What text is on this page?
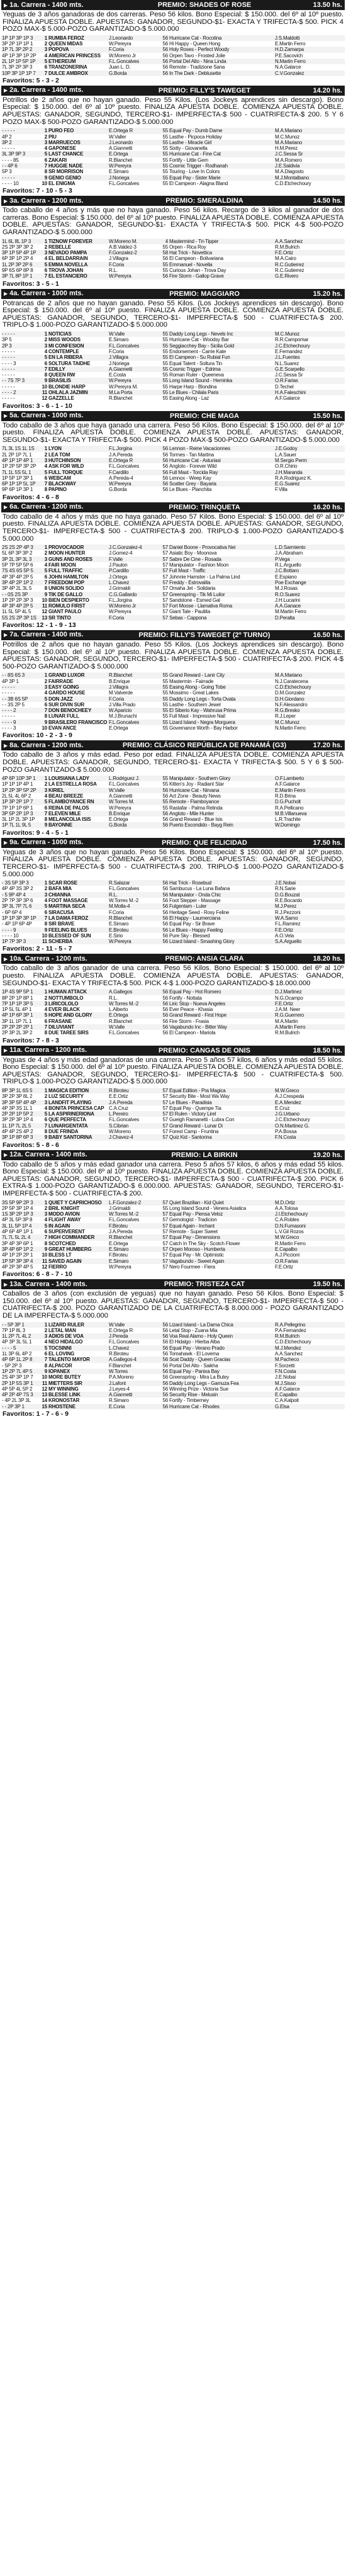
▶ 1a. Carrera - 1400 mts.	PREMIO: SHADES OF ROSE	13.50 hs.

Yeguas de 3 años ganadoras de dos carreras. Peso 56 kilos. Bono Especial: $ 150.000. del 6º al 10º puesto. FINALIZA APUESTA DOBLE. APUESTAS: GANADOR, SEGUNDO-$1- EXACTA Y TRIFECTA-$ 500. PICK 4 POZO MAX-$ 5.000-POZO GARANTIZADO-$ 5.000.000

1P 1P 3P 1P 3	1	RUMBA FEROZ	J.Leonardo	56	Hurricane Cat - Rocotina	J.S.Maldotti
3P 2P 1P 1P 1	2	QUEEN MIDAS	W.Pereyra	56	Hi Happy - Queen Hong	E.Martin Ferro
1P 7L 3P 2P 2	3	POPOVA	F.Coria	56	Holy Roses - Perfect Woody	H.D.Zamarpa
4P 1P 3P 1P 2P	4	AMERICAN PRINCESS	W.Moreno Jr	56	Orpen Tavo - Frosted Jolie	P.E.Sacovich
2L 1P 1P 5P 1P	5	ETHEREUM	F.L.Goncalves	56	Portal Del Alto - Nina Linda	N.Martin Ferro
7L 3P 2P 3P 3	6	TRANZONERINA	Juan L. D.	56	Remote - Tradizione Sana	N.A.Galarce
10P 3P 1P 1P 7	7	DULCE AMBROX	G.Borda	56	In The Dark - Deblusette	C.V.Gonzalez
Favoritos: 5 - 3 - 2
▶ 2a. Carrera - 1400 mts.	PREMIO: FILLY'S TAWEGET	14.20 hs.

Potrillos de 2 años que no hayan ganado. Peso 55 Kilos. (Los Jockeys aprendices sin descargo). Bono Especial: $ 150.000. del 6º al 10º puesto. FINALIZA APUESTA DOBLE. COMIENZA APUESTA DOBLE. APUESTAS: GANADOR, SEGUNDO, TERCERO-$1- IMPERFECTA-$ 500 - CUATRIFECTA-$ 200. 5 Y 6 POZO MAX-$ 500-POZO GARANTIZADO-$ 5.000.000

- - - - -	1	PURO FEO	E.Ortega R	55	Equal Pay - Dumb Dame	M.A.Mariano
4P 2	2	PIU	W.Valler	55	Lasthe - Picpoca Holiday	M.C.Munoz
3P 2	3	MARRUECOS	J.Leonardo	55	Lasthe - Miracle Girl	M.A.Mariano
- - - - -	4	GAPONESE	A.Giannetti	55	Sixtty - Giovanella	H.M.Perez
3L 3P 9P 3	5	LAST CHANCE	E.Ortega	55	Hurricane Cat - Fine Cat	J.C.Sessa Sr
- - - - 85	6	ZAKARI	R.Blanchet	55	Fortify - Little Gem	M.A.Romero
- - 4P 6	7	HUGGIE NADE	W.Pereyra	55	Cosmic Trigger - Rodhanah	J.E.Saldivia
5P 3	8	SR MORRISON	E.Simaro	55	Touring - Love In Colors	M.A.Diagosto
- - - - -	9	GENIO GENIO	J.Noriega	55	Equal Pay - Sister Marie	M.J.Montalbano
- - - - 10	10	EL ENIGMA	F.L.Goncalves	55	El Campeon - Alagna Bland	C.D.Etchechoury
Favoritos: 7 - 10 - 5 - 3
▶ 3a. Carrera - 1200 mts.	PREMIO: SMERALDINA	14.50 hs.

Todo caballo de 4 años y más que no haya ganado. Peso 56 kilos. Recargo de 3 kilos al ganador de dos carreras. Bono Especial: $ 150.000. del 6º al 10º puesto. FINALIZA APUESTA DOBLE. COMIENZA APUESTA DOBLE. APUESTAS: GANADOR, SEGUNDO-$1- EXACTA Y TRIFECTA-$ 500. PICK 4-$ 500-POZO GARANTIZADO-$ 5.000.000

1L 6L 8L 1P 3	1	TIZNOW FOREVER	W.Moreno M.	4	Mastermind - Tri-Tipper	A.A.Sanchez
2S 2P 3P 3P 2	2	REBELLE	A.B.Valdez-3	55	Orpen - Rica Roy	R.M.Bulrich
3P 1P 5P 4P 1P	3	NEVADO PAMPA	F.Gonzalez-2	58	Hat Trick - Novettica	F.E.Ortiz
6P 3P 1P 2P 4	4	EL BELDARRAIN	J.Villagra	56	El Campeon - Bolivariana	M.A.Cairo
1L 2P 3P 2P 6	5	EMMA NOVELLA	F.Coria	55	Emmanuel - Novella	R.C.Gutierrez
9P 6S 6P 8P 8	6	TROVA JOHAN	R.L.	55	Curious Johan - Trova Day	R.C.Gutierrez
3P 7L 8P 1P 1	7	EL ESTANCIERO	W.Pereyra	56	Fire Storm - Gallop Grave	G.E.Rivero
Favoritos: 3 - 5 - 1
▶ 4a. Carrera - 1000 mts.	PREMIO: MAGGIARO	15.20 hs.

Potrancas de 2 años que no hayan ganado. Peso 55 Kilos. (Los Jockeys aprendices sin descargo). Bono Especial: $ 150.000. del 6º al 10º puesto. FINALIZA APUESTA DOBLE. COMIENZA APUESTA DOBLE. APUESTAS: GANADOR, SEGUNDO, TERCERO-$1- IMPERFECTA-$ 500 - CUATRIFECTA-$ 200. TRIPLO-$ 1.000-POZO GARANTIZADO-$ 5.000.000

- - - - -	1	NOTICIAS	W.Valle	55	Daddy Long Legs - Nevels Inc	M.C.Munoz
3P 5	2	MISS WOODS	E.Simaro	55	Hurricane Cat - Woodsy Bar	R.R.Campomar
2P 3	3	MI CONFESION	F.L.Goncalves	55	Seggiacchey Bay - Sicilia Gold	J.C.Etchechoury
- - - - -	4	CONTEMPLE	F.Coria	55	Endorsement - Carrie Kate	E.Fernandez
- - - - -	5	EN LA RIBERA	J.Villagra	55	El Campeon - Su Rubial Fun	J.L.Fuentes
- - - - 3	6	SOLTURA TAIDHE	J.Noriega	55	Equal Talent - Soltura Tin	N.L.Suarez
- - - - -	7	EDILLY	A.Giannetti	55	Cosmic Trigger - Edrima	G.E.Scarpello
- - - - -	8	QUEEN RW	E.Costa	55	Roman Ruler - Queeneva	J.C.Sessa Sr
- - 7S 7P 3	9	BRASILIS	W.Pereyra	55	Long Island Sound - Heminka	O.R.Farias
- - - - -	10	BLONDIE HARP	W.Pereyra M.	55	Harpe Harp - Blondina	D.Techel
- - - - 2	11	OHLALA JAZMIN	M.La Porta	55	Le Blues - Chilala Paris	H.A.Faleschini
- - - - -	12	GAZZELLE	R.Blanchet	55	Easing Along - Laz	A.F.Galarce
Favoritos: 3 - 6 - 1 - 10
▶ 5a. Carrera - 1000 mts.	PREMIO: CHE MAGA	15.50 hs.

Todo caballo de 3 años que haya ganado una carrera. Peso 56 Kilos. Bono Especial: $ 150.000. del 6º al 10º puesto. FINALIZA APUESTA DOBLE. COMIENZA APUESTA DOBLE. APUESTAS: GANADOR, SEGUNDO-$1- EXACTA Y TRIFECTA-$ 500. PICK 4 POZO MAX-$ 500-POZO GARANTIZADO-$ 5.000.000

7L 3L 1S 1L 1S	1	LYON	F.L.Jorgina	56	Lennon - Reine Vacacionnes	J.E.Godoy
2L 2P 1P 7L 1	2	LEA TOM	J.A.Pereda	56	Tormes - Tan Martina	L.A.Sauer
4P 1P 1P 4P 1	3	HUTCHINSON	E.Ortega R	56	Hurricane Cat - Asturiasi	M.Sergio Perm
1P 2P 5P 3P 2P	4	ASK FOR WILD	F.L.Goncalves	56	Angloto - Forever Wild	O.R.Chirio
7L 1L 5S 5L 1	5	FULL TORQUE	F.Cardillo	56	Full Mast - Torcida Ray	J.H.Maranda
1P 5P 1P 3P 1	6	WEBCAM	A.Pereda-4	56	Lennox - Weep Kay	R.A.Rodriguez K.
6P 1P 1P 5L 1P	7	BLACKWAY	W.Pereyra	56	Scatter Grey - Bayaria	E.G.Suarez
9P 6P 1P 3P 1	8	PAPINO	G.Borda	56	Le Blues - Planchita	F.Villa
Favoritos: 4 - 6 - 8
▶ 6a. Carrera - 1200 mts.	PREMIO: TRINQUETA	16.20 hs.

Todo caballo de 4 años y más que no haya ganado. Peso 57 Kilos. Bono Especial: $ 150.000. del 6º al 10º puesto. FINALIZA APUESTA DOBLE. COMIENZA APUESTA DOBLE. APUESTAS: GANADOR, SEGUNDO, TERCERO-$1- IMPERFECTA-$ 500 - CUATRIFECTA-$ 200. TRIPLO-$ 1.000-POZO GARANTIZADO-$ 5.000.000

2S 2S 2P 4P 3	1	PROVOCADOR	J.C.Gonzalez-4	57	Daniel Boone - Provocativa Nei	L.D.Sarmiento
5L 6P 3P 3P 2	2	MOON HUNTER	J.Gomez-4	57	Asiatic Boy - Moonova	J.A.Abraham
3P 2L 3P 3L 3	3	GUNS AND ROSES	F.Valle	57	Sabre De Cine - Rosada	P.Vega
5P 7P 5P 5P 6	4	FAIR MOON	J.Paulon	57	Manipulator - Fashion Moon	R.L.Arguello
7S 4S 6S 5P 5	5	FULL TRAFFIC	P.Cardillo	57	Full Mast - Traffic	J.C.Bottaro
4P 3P 4P 2P 5	6	JOHN HAMILTON	J.Ortega	57	Johnnie Hamster - La Palma Lind	E.Espiano
3P 4P 2P 1P 2	7	FREEDOM POP	L.Chavez	57	Freddy - Estrovalita	Poe Exchange
3P 4P 2L 3L 5	8	UNION SOLIDO	J.Grimaldi	57	Omaha Jet - Solidaria	M.J.Rosas
- - 0S 2S 3P	9	TIK DE GALLO	C.G.Gallardo	57	Greenspring - Tik Mi Luilor	R.O.Suarez
1P 2P 2P 3P 3	10	BIEN DESPIERTO	F.L.Jorgina	57	Sandstone - Esmed Gal	J.H.Lucarini
4P 3P 4P 2P 5	11	ROMULO FIRST	W.Moreno Jr	57	Fort Moose - Llamativa Roma	A.A.Ganace
1L 5L 5P 4L 5	12	GIANT PAULO	W.Pereyra	57	Giant Tale - Pauliita	M.Martin Ferro
5S 2S 2P 3P 1S	13	SR TINTO	F.Coria	57	Sebas - Cappona	D.Peralta
Favoritos: 12 - 1 - 9 - 13
▶ 7a. Carrera - 1400 mts.	PREMIO: FILLY'S TAWEGET (2º TURNO)	16.50 hs.

Potrillos de 2 años que no hayan ganado. Peso 55 Kilos. (Los Jockeys aprendices sin descargo). Bono Especial: $ 150.000. del 6º al 10º puesto. FINALIZA APUESTA DOBLE. COMIENZA APUESTA DOBLE. APUESTAS: GANADOR, SEGUNDO, TERCERO-$1- IMPERFECTA-$ 500 - CUATRIFECTA-$ 200. PICK 4-$ 500-POZO GARANTIZADO-$ 5.000.000

- - 8S 6S 3	1	GRAND LUXOR	R.Blanchet	55	Grand Reward - Lanir City	M.A.Mariano
4P 3P 1	2	FAIRRADE	B.Enrique	55	Mastermin - Fairrade	N.J.Caratecena
- - - - -	3	EASY GOING	J.Villagra	55	Easing Along - Going Tobe	C.D.Etchechoury
- - - - -	4	GARDO HOUSE	M.Valverde	55	Mossimo - Great Lakes	D.M.Gonzalez
- - 3B 6S 5P	5	DON JAZZ	F.Coria	55	Daddy Long Legs - Torta Ovata	D.H.Giordano
- - 3S 2P 5	6	SUR DIVIN SUR	J.Villa Prado	55	Lasthe - Southern Jewel	N.F.Alessandro
- - - - 2	7	DON BENOCHEEY	W.Aparicio	55	El Siberio Kay - Wahrusa Prima	R.G.Bresko
- - - - -	8	LUNAR FULL	M.J.Brunachi	55	Full Mast - Impressive Nail	R.J.Leper
- - - - 9	9	BRASILERO FRANCISCO	F.L.Goncalves	55	Lizard Island - Negra Morguera	M.C.Munoz
- - - - 3	10	EVAN ANCE	E.Ortega	55	Governance Worth - Bay Harbor	N.Martin Ferro
Favoritos: 10 - 2 - 3 - 9
▶ 8a. Carrera - 1200 mts.	PREMIO: CLÁSICO REPÚBLICA DE PANAMÁ (G3)	17.20 hs.

Todo caballo de 3 años y más edad. Peso por edad. FINALIZA APUESTA DOBLE. COMIENZA APUESTA DOBLE. APUESTAS: GANADOR, SEGUNDO, TERCERO-$1- EXACTA Y TRIFECTA-$ 500. 5 Y 6 $ 500-POZO GARANTIZADO-$ 5.000.000

4P 6P 10P 3P 1	1	LOUISIANA LADY	L.Rodriguez J.	55	Manipulator - Southern Glory	O.F.Lamberto
1P 1P 1P 4P 1	2	LA ESTRELLA ROSA	F.L.Goncalves	55	Kitten's Joy - Radiant Star	A.F.Galarce
1P 2P 3P 5P 2P	3	KIRIEL	W.Valle	56	Hurricane Cat - Nirvana	E.Martin Ferro
2L 5L 4L 6P 2	4	BEAU BREEZE	A.Giannetti	56	Act Zone - Beauty News	R.D.Brina
1P 3P 2P 1P 7	5	FLAMBOYANCE RN	W.Torres M.	55	Remote - Flamboyance	D.G.Pucholt
7P 1P 1P 6P 1	6	REINA DE PALOS	W.Pereyra	55	Rastafar - Palma Relinda	R.A.Pellicano
3P 5P 2P 1P 3	7	ELEVEN MILE	B.Enrique	56	Angloto - Mile Hunter	M.B.Villanueva
3L 1P 2L 3P 1P	8	MELANCOLIA ISIS	E.Ortega	56	Grand Reward - Blue Isis	L.R.Trachite
1P 7L 1L 9L 5	9	BAYONNE	G.Borda	56	Puerto Escondido - Bayg Rein	W.Domingo
Favoritos: 9 - 4 - 5 - 1
▶ 9a. Carrera - 1000 mts.	PREMIO: QUE FELICIDAD	17.50 hs.

Yeguas de 3 años que no hayan ganado. Peso 56 Kilos. Bono Especial: $ 150.000. del 6º al 10º puesto. FINALIZA APUESTA DOBLE. COMIENZA APUESTA DOBLE. APUESTAS: GANADOR, SEGUNDO, TERCERO-$1- IMPERFECTA-$ 500 - CUATRIFECTA-$ 200. TRIPLO-$ 1.000-POZO GARANTIZADO-$ 5.000.000

- 3S 5P 3P 3	1	SCAR ROSE	R.Salazar	56	Hat Trick - Rosebud	J.E.Nobai
4P 4P 3S 3P 2	2	BAFA MIA	F.L.Goncalves	56	Sambucus - La Luna Bafana	R.N.Sarie
- 5 9P 4P 4	3	CHIANNA	R.L.	56	Manipulator - Onda Chic	D.G.Bouzat
2P 7P 3P 3P 6	4	FOOT MASSAGE	W.Torres M.-2	56	Foot Stepper - Massage	R.E.Bocardo
3P 3L 7P 7L 6	5	MARTINA SECA	M.Molla-4	56	Fulgentam - Luler	M.J.Perez
- 6P 6P 4	6	SIRACUSA	F.Coria	56	Heritage Seed - Rosy Feline	R.J.Pezzoni
1P 1P 3P 3P 1P	7	LA DAMA FEROZ	R.Blanchet	56	El Happy - Laumerciana	W.A.Sarno
- 4P 1P 6P 4P	8	SIR BRAVE	E.Simaro	56	Equal Pay - Sir Brave	F.L.Ramirez
- - - - 9	9	FEELING BLUES	E.Biroteu	56	Le Blues - Happy Feeling	F.E.Ortiz
- - - - 10	10	BLESSED OF SUN	E.Sirio	56	Pure Sky - Blessed	A.O.Vela
1P 7P 3P 3	11	SCHERBA	W.Pereyra	56	Lizard Island - Smashing Glory	S.A.Arguello
Favoritos: 2 - 11 - 5 - 7
▶ 10a. Carrera - 1200 mts.	PREMIO: ANSIA CLARA	18.20 hs.

Todo caballo de 3 años ganador de una carrera. Peso 56 Kilos. Bono Especial: $ 150.000. del 6º al 10º puesto. FINALIZA APUESTA DOBLE. COMIENZA APUESTA DOBLE. APUESTAS: GANADOR, SEGUNDO-$1- EXACTA Y TRIFECTA-$ 500. PICK 4-$ 1.000-POZO GARANTIZADO-$ 18.000.000

1P 4S 9P 5P 1	1	HUMAN ATTACK	A.Gallegos	56	Equal Pay - Hot Romero	D.J.Martinez
8P 2P 1P 8P 1	2	NOTTUMBOLO	R.L.	56	Fortify - Nottata	N.G.Ocampo
7P 1P 1P 3P 5	3	LIRICOLOLO	W.Torres M.-2	56	Liric Stop - Nueva Angeles	F.E.Ortiz
1P 5L 5L 4P 1	4	EVER BLACK	L.Alberto	56	Ever Peace - Khasia	J.A.M. Neer
4P 1P 6P 3P 1	5	HOPE AND GLORY	E.Ortega	56	Grand Reward - First Hope	R.G.Guerrero
3P 1L 1P 7L 1	6	FRASANE	R.Blanchet	56	Fire Storm - Frasia	M.A.Martin
2P 2P 2P 2P 1	7	DILUVIANT	W.Valle	56	Vagabundo Inc - Bitter Way	A.Martin Ferro
2P 3P 2L 3P 2	8	DUE TAREE SIRS	F.L.Goncalves	56	El Campeon - Mariola	R.M.Bulrich
Favoritos: 7 - 8 - 3
▶ 11a. Carrera - 1200 mts.	PREMIO: CANGAS DE ONIS	18.50 hs.

Yeguas de 4 años y más edad ganadoras de una carrera. Peso 5 años 57 kilos, 6 años y más edad 55 kilos. Bono Especial: $ 150.000. del 6º al 10º puesto. FINALIZA APUESTA DOBLE. COMIENZA APUESTA DOBLE. APUESTAS: GANADOR, SEGUNDO, TERCERO-$1- IMPERFECTA-$ 500 - CUATRIFECTA-$ 500. TRIPLO-$ 1.000-POZO GARANTIZADO-$ 5.000.000

8P 3P 1L 6S 5	1	MAGICA EDITION	R.Biroteu	57	Equal Edition - Pra Magica	M.W.Greco
3P 2P 3P 8L 2	2	LUZ SECURITY	E.E.Ortiz	57	Security Bite - Most Wa Way	A.J.Crespeda
3P 3P 5P 4P 4P	3	LANDFIT PLAYING	J.A.Pereda	57	Le Blues - Paradisia	E.A.Mendez
4P 3P 3S 1L 1	4	BONITA PRINCESA CAP	C.A.Cruz	57	Equal Pay - Quempe Tia	E.Cruz
2P 2P 1P 5P 2	5	LA ASPIRINERIONA	L.Pereiro	57	El Rulen - Victory Lirel	J.G.Urbano
3P 2P 3P 1P 4	6	QUE PERFECTA	F.L.Goncalves	57	Gueigh Ramanetti - Lubra Con	J.C.Etchechoury
1L 1P 7L 2L 5	7	LUNARGENTATA	S.Cibrian	57	Grand Reward - Lunar Di	O.N.Martinez G.
4P 4P 2S 4P 2	8	DUE FRINDA	W.Moreno	57	Forest Camp - Fruntina	P.A.Bossa
3P 1P 8P 6P 3	9	BABY SANTORINA	J.Chavez-4	57	Quiz Kid - Santorina	F.N.Costa
Favoritos: 5 - 8 - 6
▶ 12a. Carrera - 1400 mts.	PREMIO: LA BIRKIN	19.20 hs.

Todo caballo de 5 años y más edad ganador una carrera. Peso 5 años 57 kilos, 6 años y más edad 55 kilos. Bono Especial: $ 150.000. del 6º al 10º puesto. FINALIZA APUESTA DOBLE. COMIENZA APUESTA DOBLE. APUESTAS: GANADOR, SEGUNDO, TERCERO-$1- IMPERFECTA-$ 500 - CUATRIFECTA-$ 200. PICK 6 EXTRA-$ 1.000-POZO GARANTIZADO-$ 6.000.000. APUESTAS: GANADOR, SEGUNDO, TERCERO-$1- IMPERFECTA-$ 500 - CUATRIFECTA-$ 200.

3S 5P 9P 2P 3	1	QUIET Y CAPRICHOSO	L.F.Gonzalez-2	57	Quiet Brazilian - Kid Quiet	M.D.Ortiz
2P 5P 3P 1P 4	2	BRIL KNIGHT	J.Grimaldi	55	Long Island Sound - Venera Asiatica	A.A.Tolosa
1S 3P 2P 1P 3	3	MODO AVION	W.Torres M.-2	57	Equal Pay - Piensa Veloz	J.I.Etchechoury
4P 3L 5P 3P 8	4	FLIGHT AWAY	F.L.Goncalves	57	Gemologist - Tradicion	C.A.Robles
3L 1L 5P 1P 4	5	IN AGAIN	F.Biroteu	57	Equal Again - Inchant	D.N.Fumasoni
4P 6P 4P 1P 1	6	SUPERVERENT	J.A.Pereda	57	Remote - Super Sweet	L.V.Gil Rozos
7L 7L 5L 2L 4	7	HIGH COMMANDER	R.Blanchet	57	Equal Pay - Dimensions	M.W.Greco
3P 4P 3P 6P 1	8	SCOTCHED	E.Ortega	57	Catch In The Sky - Scotch Flower	R.Martin Ferro
3P 4P 6P 1P 2	9	GREAT HUMBERG	E.Simaro	57	Orpen Moroso - Humberta	E.Capalbo
4P 1P 2P 2P 1	10	BLESS LT	F.Biroteu	57	Equal Pay - Mr. Optimistic	A.J.Piccioni
1P 5P 3P 3P 4	11	SAVED AGAIN	E.Simaro	57	Vagabundo - Sweet Again	O.R.Farias
4P 2P 3P 4P 5	12	FIERRO	W.Pereyra	57	Nero Fourmee - Fiera	F.E.Ortiz
Favoritos: 6 - 8 - 7 - 10
▶ 13a. Carrera - 1400 mts.	PREMIO: TRISTEZA CAT	19.50 hs.

Caballos de 3 años (con exclusión de yeguas) que no hayan ganado. Peso 56 Kilos. Bono Especial: $ 150.000. del 6º al 10º puesto. APUESTAS: GANADOR, SEGUNDO, TERCERO-$1- IMPERFECTA-$ 500 - CUATRIFECTA-$ 200. POZO GARANTIZADO DE LA CUATRIFECTA-$ 8.000.000 - POZO GARANTIZADO DE LA IMPERFECTA-$ 5.000.000

- - 5P 3P 1	1	LIZARD RULER	W.Valle	56	Lizard Island - La Dama Chica	R.A.Pellegrino
7P 1P 8L 3	2	LETAL MAN	E.Ortega R	56	Letal Stop - Zuana Mia	P.A.Fernandez
1L 2P 7L 4L 2	3	ADIOS DE VOA	J.Pereda	56	Voa Real Alamo - Holy Queen	R.M.Bulrich
4P 3P 3L 5L 1	4	NEO HIDALGO	F.L.Goncalves	56	El Hidalgo - Hierba Alba	C.D.Etchechoury
- - - - 5	5	TOCSINNI	L.Chavez	56	Equal Pay - Verano Prado	M.J.Mendez
1L 3P 6L 4P 2	6	EL LOVING	R.Biroteu	56	Tomahawk - El Lovema	A.A.Sanchez
4P 6P 1L 2P 8	7	TALENTO MAYOR	A.Gallegos-4	56	Scat Daddy - Queen Gracias	M.Pacheco
- 5P 2P 3	8	ALPACOR	F.Blanchet	56	Portal Del Alto - Saikha	F.Sorzetti
1P 2P 7L 4P 5	9	IOPANEX	W.Torres	56	Equal Pay - Panixa Bay	F.N.Costa
2S 4P 3P 1P 7	10	MORE BUTEY	P.A.Moreno	56	Greenspring - Mira La Butey	J.E.Nobai
2P 1P 5S 3P 1	11	MIETTERS SIR	J.Lafont	56	Daddy Long Legs - Gamuza Fea	M.J.Sisso
4P 5P 4L 5P 2	12	MY WINNING	J.Leyes-4	56	Winning Prize - Victoria Sue	A.F.Galarce
4P 2P 4P 7S 3	13	BLESSE LINK	A.Giannetti	56	Security Rise - Melusin	E.Capalbo
- 4P 2L 3P 3L	14	KRONOSTAR	R.Simaro	56	Fortify - Timberney	C.A.Kalpoit
- - 2P 3P 1	15	RHOSTENE	E.Coria	56	Hurricane Cat - Rhodes	G.Elsa
Favoritos: 1 - 7 - 6 - 9
